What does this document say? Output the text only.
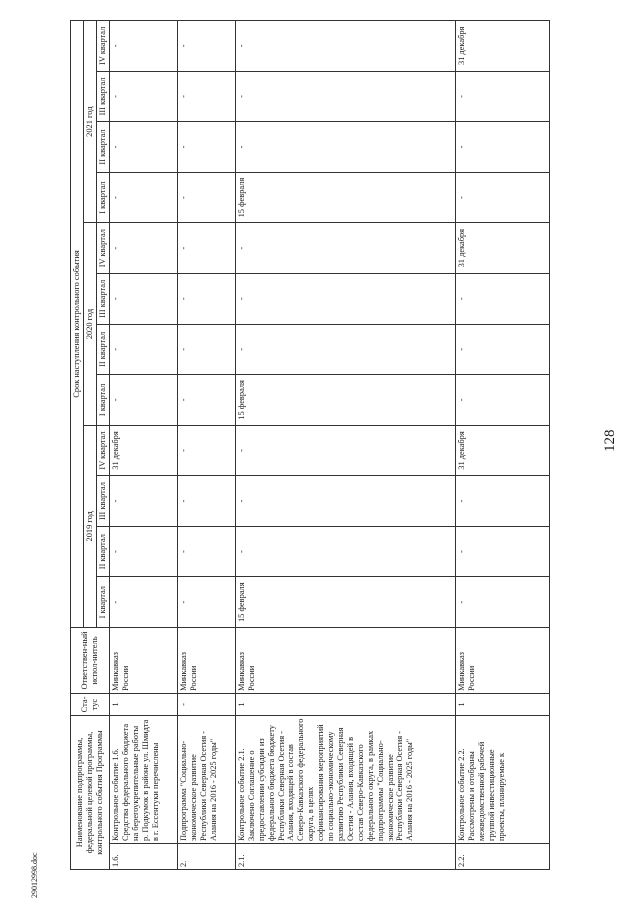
128
29012998.doc
Наименование подпрограммы, федеральной целевой программы, контрольного события Программы		Ста-тус	Ответствен-ный испол-нитель	Срок наступления контрольного события											
				2019 год				2020 год				2021 год			
				I квартал	II квартал	III квартал	IV квартал	I квартал	II квартал	III квартал	IV квартал	I квартал	II квартал	III квартал	IV квартал
1.6.	Контрольное событие 1.6. Средства федерального бюджета на берегоукрепительные работы р. Подкумок в районе ул. Шмидта в г. Ессентуки перечислены	1	Минкавказ России	-	-	-	31 декабря	-	-	-	-	-	-	-	-
2.	Подпрограмма "Социально-экономическое развитие Республики Северная Осетия - Алания на 2016 - 2025 годы"	-	Минкавказ России	-	-	-	-	-	-	-	-	-	-	-	-
2.1.	Контрольное событие 2.1. Заключено Соглашение о предоставлении субсидии из федерального бюджета бюджету Республики Северная Осетия - Алания, входящей в состав Северо-Кавказского федерального округа, в целях софинансирования мероприятий по социально-экономическому развитию Республики Северная Осетия - Алания, входящей в состав Северо-Кавказского федерального округа, в рамках подпрограммы "Социально-экономическое развитие Республики Северная Осетия - Алания на 2016 - 2025 годы"	1	Минкавказ России	15 февраля	-	-	-	15 февраля	-	-	-	15 февраля	-	-	-
2.2.	Контрольное событие 2.2. Рассмотрены и отобраны межведомственной рабочей группой инвестиционные проекты, планируемые к	1	Минкавказ России	-	-	-	31 декабря	-	-	-	31 декабря	-	-	-	31 декабря
